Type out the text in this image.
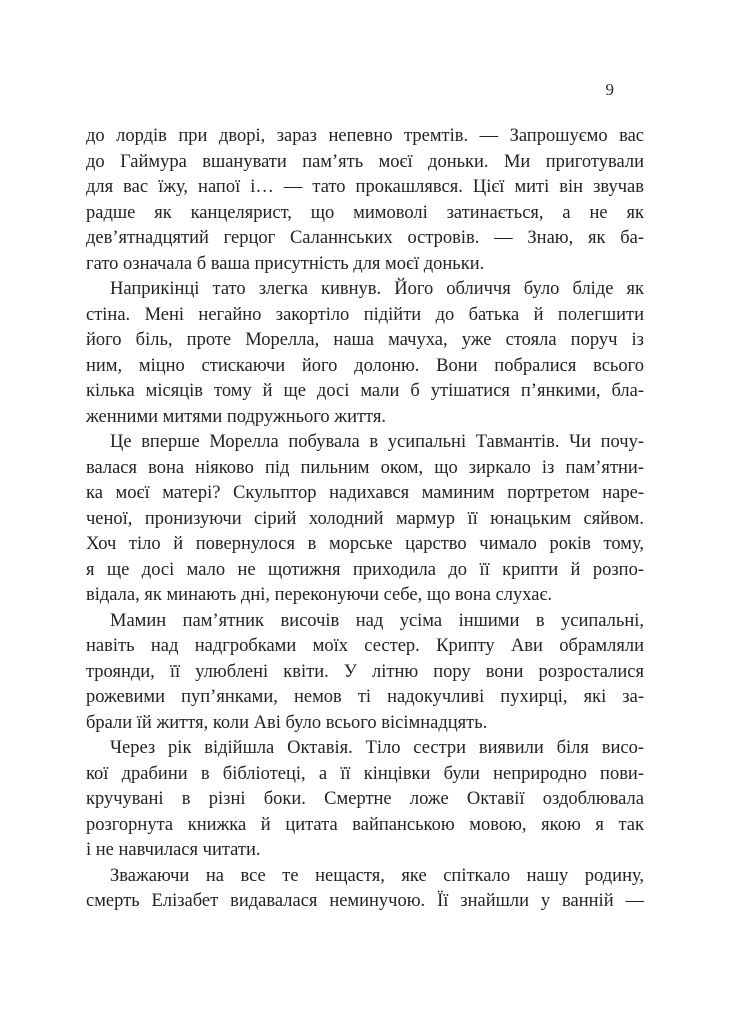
9

до лордів при дворі, зараз непевно тремтів. — Запрошуємо вас
до Гаймура вшанувати пам’ять моєї доньки. Ми приготували
для вас їжу, напої і… — тато прокашлявся. Цієї миті він звучав
радше як канцелярист, що мимоволі затинається, а не як
дев’ятнадцятий герцог Саланнських островів. — Знаю, як ба-
гато означала б ваша присутність для моєї доньки.

Наприкінці тато злегка кивнув. Його обличчя було бліде як
стіна. Мені негайно закортіло підійти до батька й полегшити
його біль, проте Морелла, наша мачуха, уже стояла поруч із
ним, міцно стискаючи його долоню. Вони побралися всього
кілька місяців тому й ще досі мали б утішатися п’янкими, бла-
женними митями подружнього життя.

Це вперше Морелла побувала в усипальні Тавмантів. Чи почу-
валася вона ніяково під пильним оком, що зиркало із пам’ятни-
ка моєї матері? Скульптор надихався маминим портретом наре-
ченої, пронизуючи сірий холодний мармур її юнацьким сяйвом.
Хоч тіло й повернулося в морське царство чимало років тому,
я ще досі мало не щотижня приходила до її крипти й розпо-
відала, як минають дні, переконуючи себе, що вона слухає.

Мамин пам’ятник височів над усіма іншими в усипальні,
навіть над надгробками моїх сестер. Крипту Ави обрамляли
троянди, її улюблені квіти. У літню пору вони розросталися
рожевими пуп’янками, немов ті надокучливі пухирці, які за-
брали їй життя, коли Аві було всього вісімнадцять.

Через рік відійшла Октавія. Тіло сестри виявили біля висо-
кої драбини в бібліотеці, а її кінцівки були неприродно пови-
кручувані в різні боки. Смертне ложе Октавії оздоблювала
розгорнута книжка й цитата вайпанською мовою, якою я так
і не навчилася читати.

Зважаючи на все те нещастя, яке спіткало нашу родину,
смерть Елізабет видавалася неминучою. Її знайшли у ванній —
